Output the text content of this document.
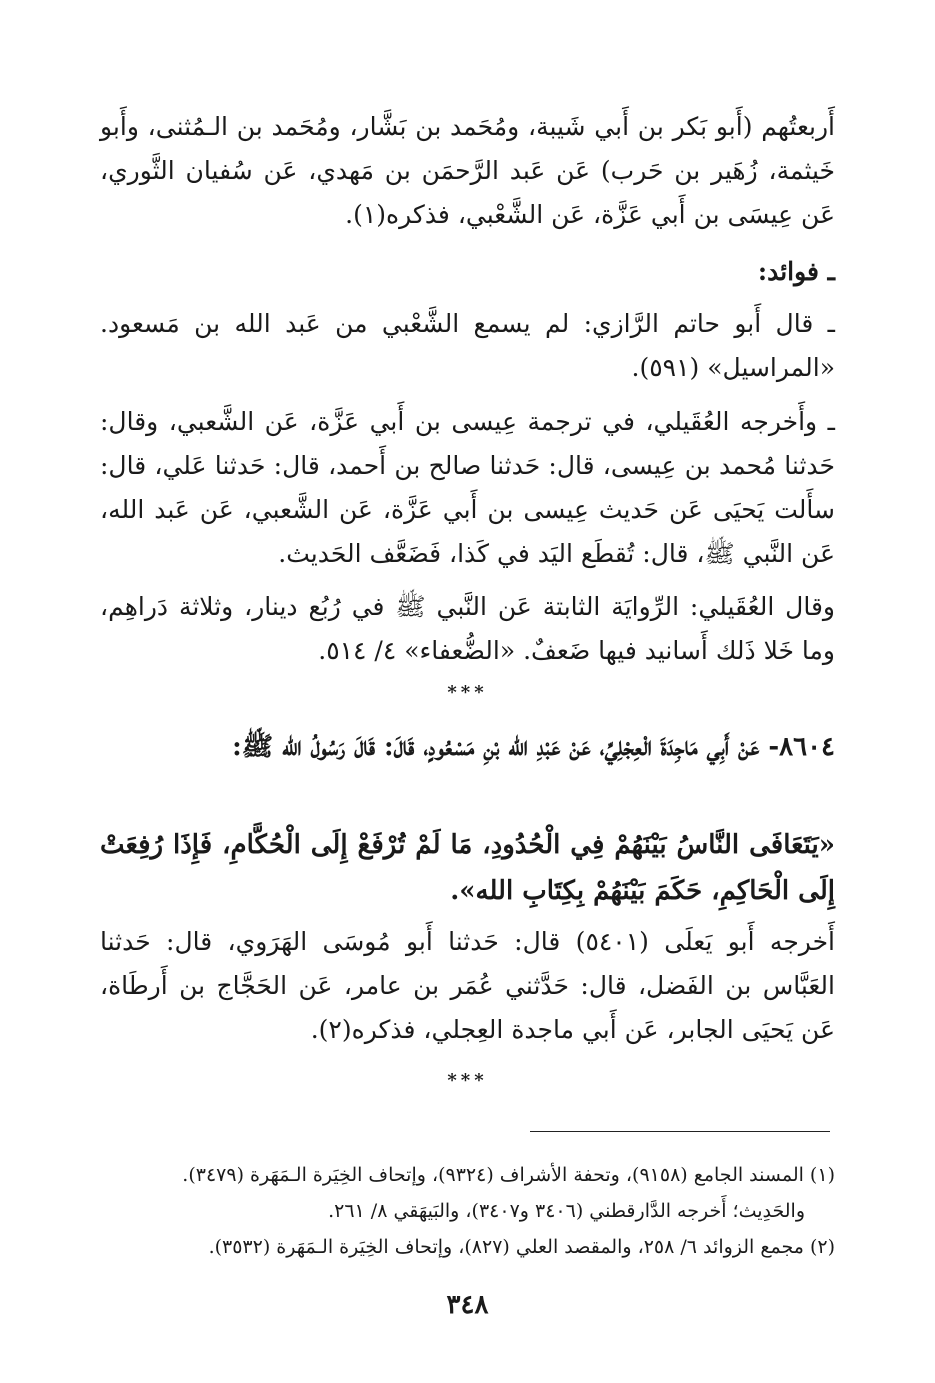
أَربعتُهم (أَبو بَكر بن أَبي شَيبة، ومُحَمد بن بَشَّار، ومُحَمد بن الـمُثنى، وأَبو خَيثمة، زُهَير بن حَرب) عَن عَبد الرَّحمَن بن مَهدي، عَن سُفيان الثَّوري، عَن عِيسَى بن أَبي عَزَّة، عَن الشَّعْبي، فذكره(١).

ـ فوائد:

ـ قال أَبو حاتم الرَّازي: لم يسمع الشَّعْبي من عَبد الله بن مَسعود. «المراسيل» (٥٩١).

ـ وأَخرجه العُقَيلي، في ترجمة عِيسى بن أَبي عَزَّة، عَن الشَّعبي، وقال: حَدثنا مُحمد بن عِيسى، قال: حَدثنا صالح بن أَحمد، قال: حَدثنا عَلي، قال: سأَلت يَحيَى عَن حَديث عِيسى بن أَبي عَزَّة، عَن الشَّعبي، عَن عَبد الله، عَن النَّبي ﷺ، قال: تُقطَع اليَد في كَذا، فَضَعَّف الحَديث.

وقال العُقَيلي: الرِّوايَة الثابتة عَن النَّبي ﷺ في رُبُع دينار، وثلاثة دَراهِم، وما خَلا ذَلك أَسانيد فيها ضَعفٌ. «الضُّعفاء» ٤/ ٥١٤.

***

٨٦٠٤- عَنْ أَبِي مَاجِدَةَ الْعِجْلِيِّ، عَنْ عَبْدِ الله بْنِ مَسْعُودٍ، قَالَ: قَالَ رَسُولُ الله ﷺ:

«يَتَعَافَى النَّاسُ بَيْنَهُمْ فِي الْحُدُودِ، مَا لَمْ تُرْفَعْ إِلَى الْحُكَّامِ، فَإِذَا رُفِعَتْ إِلَى الْحَاكِمِ، حَكَمَ بَيْنَهُمْ بِكِتَابِ الله».

أَخرجه أَبو يَعلَى (٥٤٠١) قال: حَدثنا أَبو مُوسَى الهَرَوي، قال: حَدثنا العَبَّاس بن الفَضل، قال: حَدَّثني عُمَر بن عامر، عَن الحَجَّاج بن أَرطَاة، عَن يَحيَى الجابر، عَن أَبي ماجدة العِجلي، فذكره(٢).

***

(١) المسند الجامع (٩١٥٨)، وتحفة الأشراف (٩٣٢٤)، وإتحاف الخِيَرة الـمَهَرة (٣٤٧٩).

والحَدِيث؛ أَخرجه الدَّارقطني (٣٤٠٦ و٣٤٠٧)، والبَيهَقي ٨/ ٢٦١.

(٢) مجمع الزوائد ٦/ ٢٥٨، والمقصد العلي (٨٢٧)، وإتحاف الخِيَرة الـمَهَرة (٣٥٣٢).

٣٤٨
